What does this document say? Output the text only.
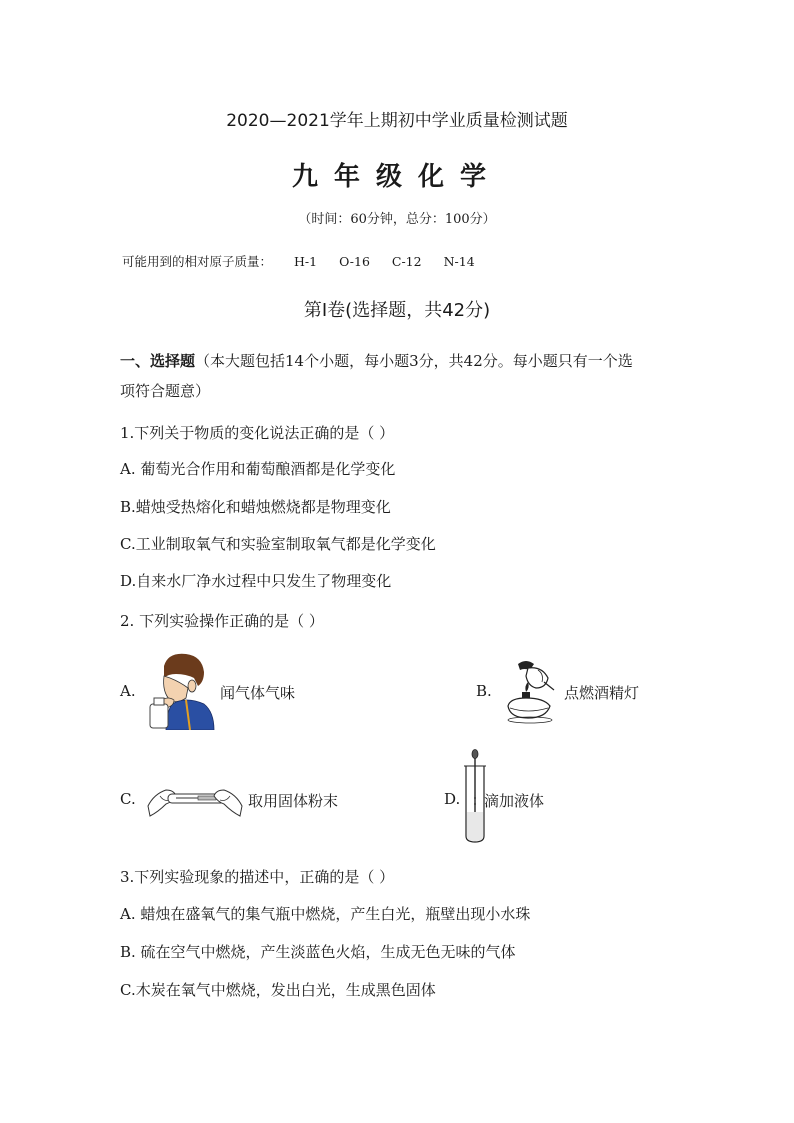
2020—2021学年上期初中学业质量检测试题
九年级化学
（时间：60分钟，总分：100分）
可能用到的相对原子质量： H-1 O-16 C-12 N-14
第Ⅰ卷(选择题，共42分)
一、选择题（本大题包括14个小题，每小题3分，共42分。每小题只有一个选
项符合题意）
1.下列关于物质的变化说法正确的是（ ）
A. 葡萄光合作用和葡萄酿酒都是化学变化
B.蜡烛受热熔化和蜡烛燃烧都是物理变化
C.工业制取氧气和实验室制取氧气都是化学变化
D.自来水厂净水过程中只发生了物理变化
2. 下列实验操作正确的是（ ）
A.	闻气体气味	B.	点燃酒精灯
C.	取用固体粉末	D. 滴加液体
3.下列实验现象的描述中，正确的是（ ）
A. 蜡烛在盛氧气的集气瓶中燃烧，产生白光，瓶壁出现小水珠
B. 硫在空气中燃烧，产生淡蓝色火焰，生成无色无味的气体
C.木炭在氧气中燃烧，发出白光，生成黑色固体
